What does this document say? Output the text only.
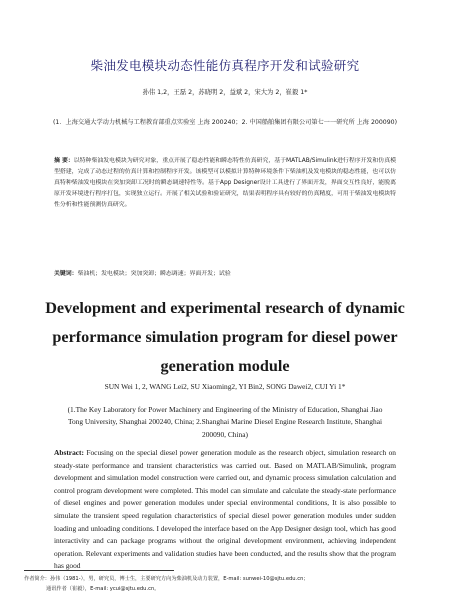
柴油发电模块动态性能仿真程序开发和试验研究
孙伟 1,2，王磊 2，苏晓明 2，益斌 2，宋大为 2，崔毅 1*
(1．上海交通大学动力机械与工程教育部重点实验室 上海 200240；2. 中国船舶集团有限公司第七一一研究所 上海 200090)
摘 要：以特种柴油发电模块为研究对象，重点开展了稳态性能和瞬态特性仿真研究，基于MATLAB/Simulink进行程序开发和仿真模型搭建，完成了动态过程的仿真计算和控制程序开发。该模型可以模拟计算特种环境条件下柴油机及发电模块的稳态性能，也可以仿真特种柴油发电模块在突加突卸工况时的瞬态调速特性等。基于App Designer设计工具进行了界面开发，界面交互性良好，能脱离原开发环境进行程序打包，实现独立运行。开展了相关试验和验证研究，结果表明程序具有较好的仿真精度，可用于柴油发电模块特性分析和性能预测仿真研究。
关键词：柴油机；发电模块；突加突卸；瞬态调速；界面开发；试验
Development and experimental research of dynamic performance simulation program for diesel power generation module
SUN Wei 1, 2, WANG Lei2, SU Xiaoming2, YI Bin2, SONG Dawei2, CUI Yi 1*
(1.The Key Laboratory for Power Machinery and Engineering of the Ministry of Education, Shanghai Jiao Tong University, Shanghai 200240, China; 2.Shanghai Marine Diesel Engine Research Institute, Shanghai 200090, China)
Abstract: Focusing on the special diesel power generation module as the research object, simulation research on steady-state performance and transient characteristics was carried out. Based on MATLAB/Simulink, program development and simulation model construction were carried out, and dynamic process simulation calculation and control program development were completed. This model can simulate and calculate the steady-state performance of diesel engines and power generation modules under special environmental conditions, It is also possible to simulate the transient speed regulation characteristics of special diesel power generation modules under sudden loading and unloading conditions. I developed the interface based on the App Designer design tool, which has good interactivity and can package programs without the original development environment, achieving independent operation. Relevant experiments and validation studies have been conducted, and the results show that the program has good
作者简介：孙伟（1981-），男，研究员，博士生，主要研究方向为柴油机及动力装置，E-mail: sunwei-10@sjtu.edu.cn；
通讯作者（崔毅），E-mail: ycui@sjtu.edu.cn。
